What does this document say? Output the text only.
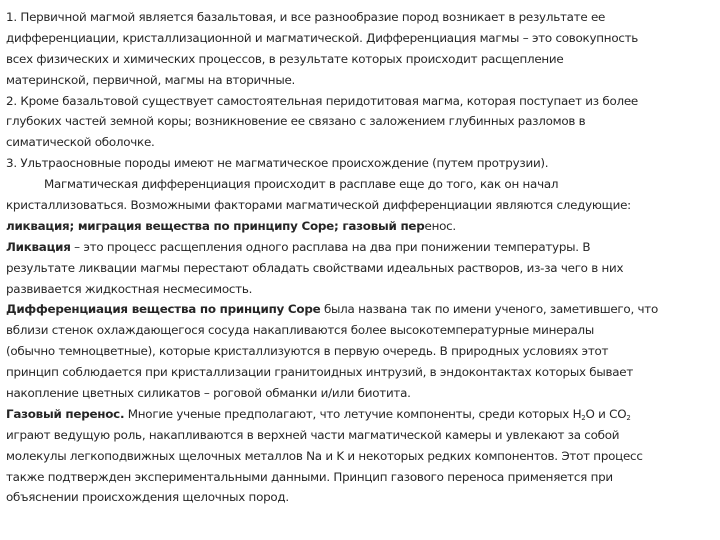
1. Первичной магмой является базальтовая, и все разнообразие пород возникает в результате ее
дифференциации, кристаллизационной и магматической. Дифференциация магмы – это совокупность
всех физических и химических процессов, в результате которых происходит расщепление
материнской, первичной, магмы на вторичные.
2. Кроме базальтовой существует самостоятельная перидотитовая магма, которая поступает из более
глубоких частей земной коры; возникновение ее связано с заложением глубинных разломов в
симатической оболочке.
3. Ультраосновные породы имеют не магматическое происхождение (путем протрузии).
Магматическая дифференциация происходит в расплаве еще до того, как он начал
кристаллизоваться. Возможными факторами магматической дифференциации являются следующие:
ликвация; миграция вещества по принципу Соре; газовый перенос.
Ликвация – это процесс расщепления одного расплава на два при понижении температуры. В
результате ликвации магмы перестают обладать свойствами идеальных растворов, из-за чего в них
развивается жидкостная несмесимость.
Дифференциация вещества по принципу Соре была названа так по имени ученого, заметившего, что
вблизи стенок охлаждающегося сосуда накапливаются более высокотемпературные минералы
(обычно темноцветные), которые кристаллизуются в первую очередь. В природных условиях этот
принцип соблюдается при кристаллизации гранитоидных интрузий, в эндоконтактах которых бывает
накопление цветных силикатов – роговой обманки и/или биотита.
Газовый перенос. Многие ученые предполагают, что летучие компоненты, среди которых $Н_2О$ и $СО_2$
играют ведущую роль, накапливаются в верхней части магматической камеры и увлекают за собой
молекулы легкоподвижных щелочных металлов Na и K и некоторых редких компонентов. Этот процесс
также подтвержден экспериментальными данными. Принцип газового переноса применяется при
объяснении происхождения щелочных пород.
